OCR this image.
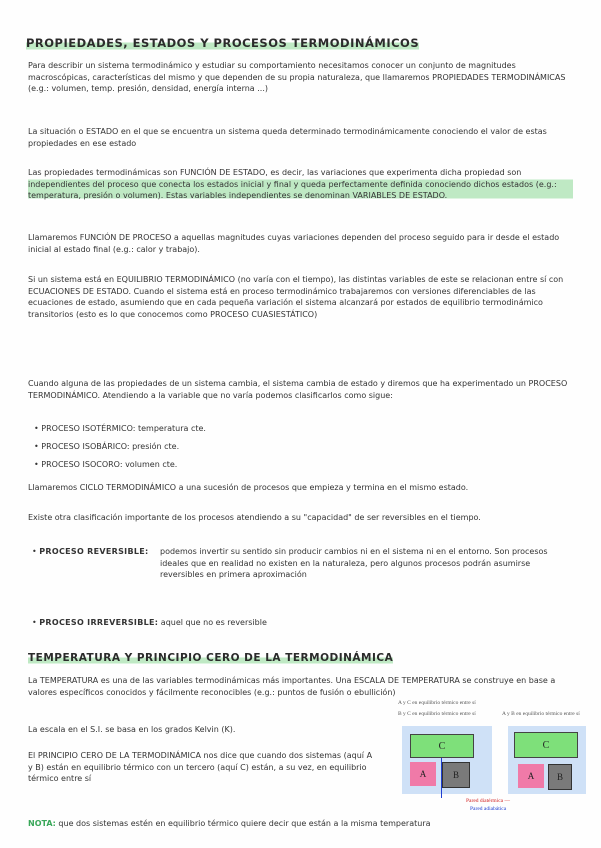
PROPIEDADES, ESTADOS Y PROCESOS TERMODINÁMICOS
Para describir un sistema termodinámico y estudiar su comportamiento necesitamos conocer un conjunto de magnitudes macroscópicas, características del mismo y que dependen de su propia naturaleza, que llamaremos PROPIEDADES TERMODINÁMICAS (e.g.: volumen, temp. presión, densidad, energía interna ...)
La situación o ESTADO en el que se encuentra un sistema queda determinado termodinámicamente conociendo el valor de estas propiedades en ese estado
Las propiedades termodinámicas son FUNCIÓN DE ESTADO, es decir, las variaciones que experimenta dicha propiedad son independientes del proceso que conecta los estados inicial y final y queda perfectamente definida conociendo dichos estados (e.g.: temperatura, presión o volumen). Estas variables independientes se denominan VARIABLES DE ESTADO.
Llamaremos FUNCIÓN DE PROCESO a aquellas magnitudes cuyas variaciones dependen del proceso seguido para ir desde el estado inicial al estado final (e.g.: calor y trabajo).
Si un sistema está en EQUILIBRIO TERMODINÁMICO (no varía con el tiempo), las distintas variables de este se relacionan entre sí con ECUACIONES DE ESTADO. Cuando el sistema está en proceso termodinámico trabajaremos con versiones diferenciables de las ecuaciones de estado, asumiendo que en cada pequeña variación el sistema alcanzará por estados de equilibrio termodinámico transitorios (esto es lo que conocemos como PROCESO CUASIESTÁTICO)
Cuando alguna de las propiedades de un sistema cambia, el sistema cambia de estado y diremos que ha experimentado un PROCESO TERMODINÁMICO. Atendiendo a la variable que no varía podemos clasificarlos como sigue:
• PROCESO ISOTÉRMICO: temperatura cte.
• PROCESO ISOBÁRICO: presión cte.
• PROCESO ISOCORO: volumen cte.
Llamaremos CICLO TERMODINÁMICO a una sucesión de procesos que empieza y termina en el mismo estado.
Existe otra clasificación importante de los procesos atendiendo a su "capacidad" de ser reversibles en el tiempo.
• PROCESO REVERSIBLE: podemos invertir su sentido sin producir cambios ni en el sistema ni en el entorno. Son procesos ideales que en realidad no existen en la naturaleza, pero algunos procesos podrán asumirse reversibles en primera aproximación
• PROCESO IRREVERSIBLE: aquel que no es reversible
TEMPERATURA Y PRINCIPIO CERO DE LA TERMODINÁMICA
La TEMPERATURA es una de las variables termodinámicas más importantes. Una ESCALA DE TEMPERATURA se construye en base a valores específicos conocidos y fácilmente reconocibles (e.g.: puntos de fusión o ebullición)
La escala en el S.I. se basa en los grados Kelvin (K).
El PRINCIPIO CERO DE LA TERMODINÁMICA nos dice que cuando dos sistemas (aquí A y B) están en equilibrio térmico con un tercero (aquí C) están, a su vez, en equilibrio térmico entre sí
NOTA: que dos sistemas estén en equilibrio térmico quiere decir que están a la misma temperatura
A y C en equilibrio térmico entre sí
B y C en equilibrio térmico entre sí	A y B en equilibrio térmico entre sí
C
A	B
C
A	B
Pared diatérmica —
Pared adiabática
